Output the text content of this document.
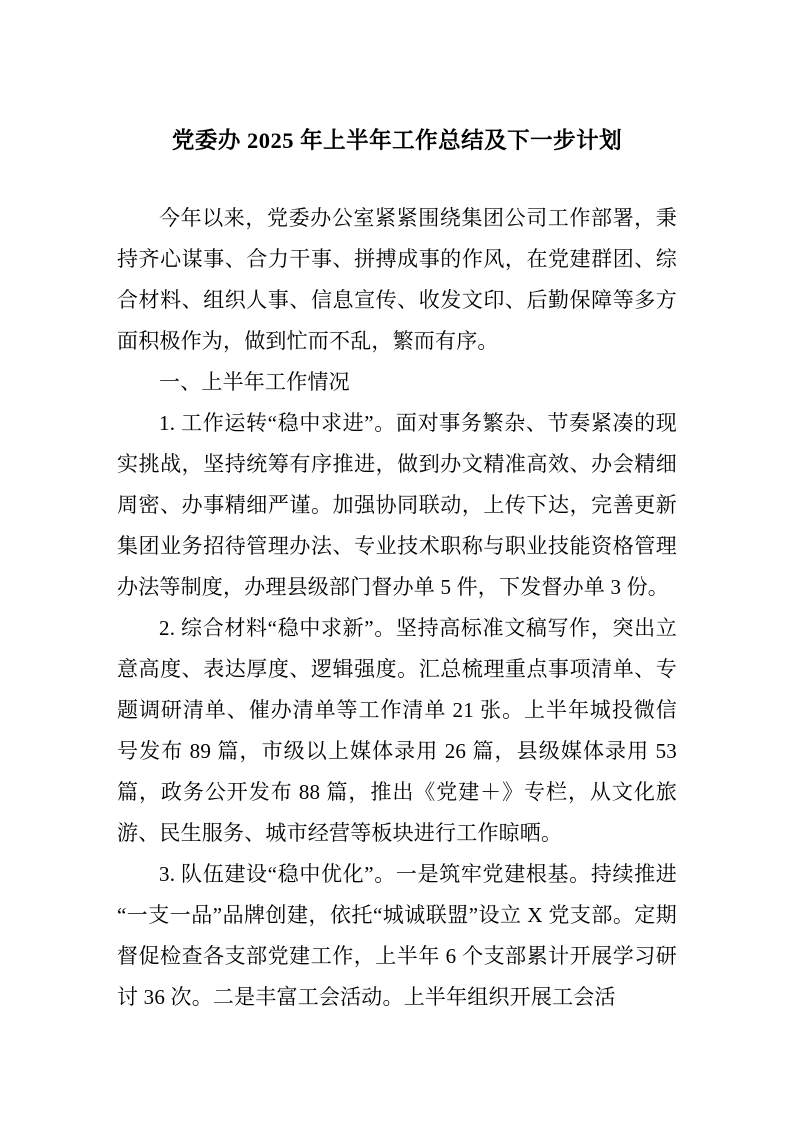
党委办 2025 年上半年工作总结及下一步计划

今年以来，党委办公室紧紧围绕集团公司工作部署，秉持齐心谋事、合力干事、拼搏成事的作风，在党建群团、综合材料、组织人事、信息宣传、收发文印、后勤保障等多方面积极作为，做到忙而不乱，繁而有序。

一、上半年工作情况

1. 工作运转“稳中求进”。面对事务繁杂、节奏紧凑的现实挑战，坚持统筹有序推进，做到办文精准高效、办会精细周密、办事精细严谨。加强协同联动，上传下达，完善更新集团业务招待管理办法、专业技术职称与职业技能资格管理办法等制度，办理县级部门督办单 5 件，下发督办单 3 份。

2. 综合材料“稳中求新”。坚持高标准文稿写作，突出立意高度、表达厚度、逻辑强度。汇总梳理重点事项清单、专题调研清单、催办清单等工作清单 21 张。上半年城投微信号发布 89 篇，市级以上媒体录用 26 篇，县级媒体录用 53 篇，政务公开发布 88 篇，推出《党建＋》专栏，从文化旅游、民生服务、城市经营等板块进行工作晾晒。

3. 队伍建设“稳中优化”。一是筑牢党建根基。持续推进“一支一品”品牌创建，依托“城诚联盟”设立 X 党支部。定期督促检查各支部党建工作，上半年 6 个支部累计开展学习研讨 36 次。二是丰富工会活动。上半年组织开展工会活
